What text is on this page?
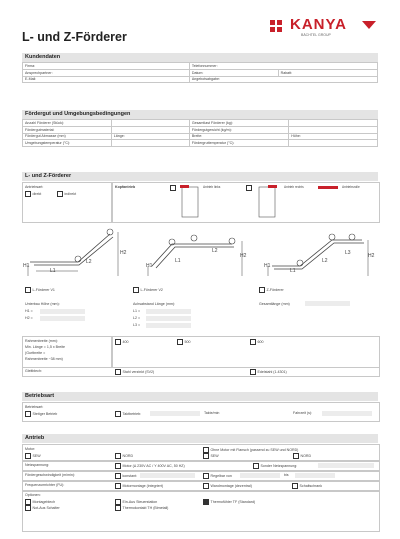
L- und Z-Förderer
KANYA
BÄCHTEL GROUP
Kundendaten
Firma:	Telefonnummer:	
Ansprechpartner:	Datum:	Rabatt:
E-Mail:	Angebotsabgabe:	
Fördergut und Umgebungsbedingungen
Anzahl Förderer (Stück):		Gesamtlast Förderer (kg):	
Fördergutmaterial:		Fördergutgewicht (kg/m):	
Fördergut Abmasse (mm)	Länge:	Breite:	Höhe:
Umgebungstemperatur (°C):		Fördergruttemperatur (°C):	
L- und Z-Förderer
Antriebsart:
direkt	indirekt
Kopfantrieb	Antrieb links	Antrieb rechts	Antriebsrolle
H1
L1
L2
H2
H1
L1
L2
H2
H1
L1
L2
L3	H2
L-Förderer V1	L-Förderer V2	Z-Förderer
Unterbau Höhe (mm):
H1 =
H2 =
Achsabstand Länge (mm):
L1 =
L2 =
L3 =
Gesamtlänge (mm)
Rahmenbreite (mm):
Min. Länge = 1,5 x Breite
(Gurtbreite =
Rahmenbreite −38 mm)
400	500	600
Gleitblech:	Stahl verzinkt (SV2)	Edelstahl (1.4301)
Betriebsart
Betriebsart:
Stetiger Betrieb	Taktbetrieb:	Takte/min	Fahrzeit (s):
Antrieb
Motor:
SEW	NORD
Ohne Motor mit Flansch (passend zu SEW und NORD)
SEW	NORD
Netzspannung:	Motor (Δ 230V AC / Y 400V AC, 50 HZ)	Sonder Netzspannung:
Fördergeschwindigkeit (m/min):	konstant:	Regelbar von	bis
Frequenzumrichter (FU):	Motormontage (integriert)	Wandmontage (dezentral)	Schaltschrank
Optionen:
Montageblech
Not-Aus Schalter
Ein-Aus Steuerstation
Thermokontakt TH (Bimetall)
Thermofühler TF (Standard)
